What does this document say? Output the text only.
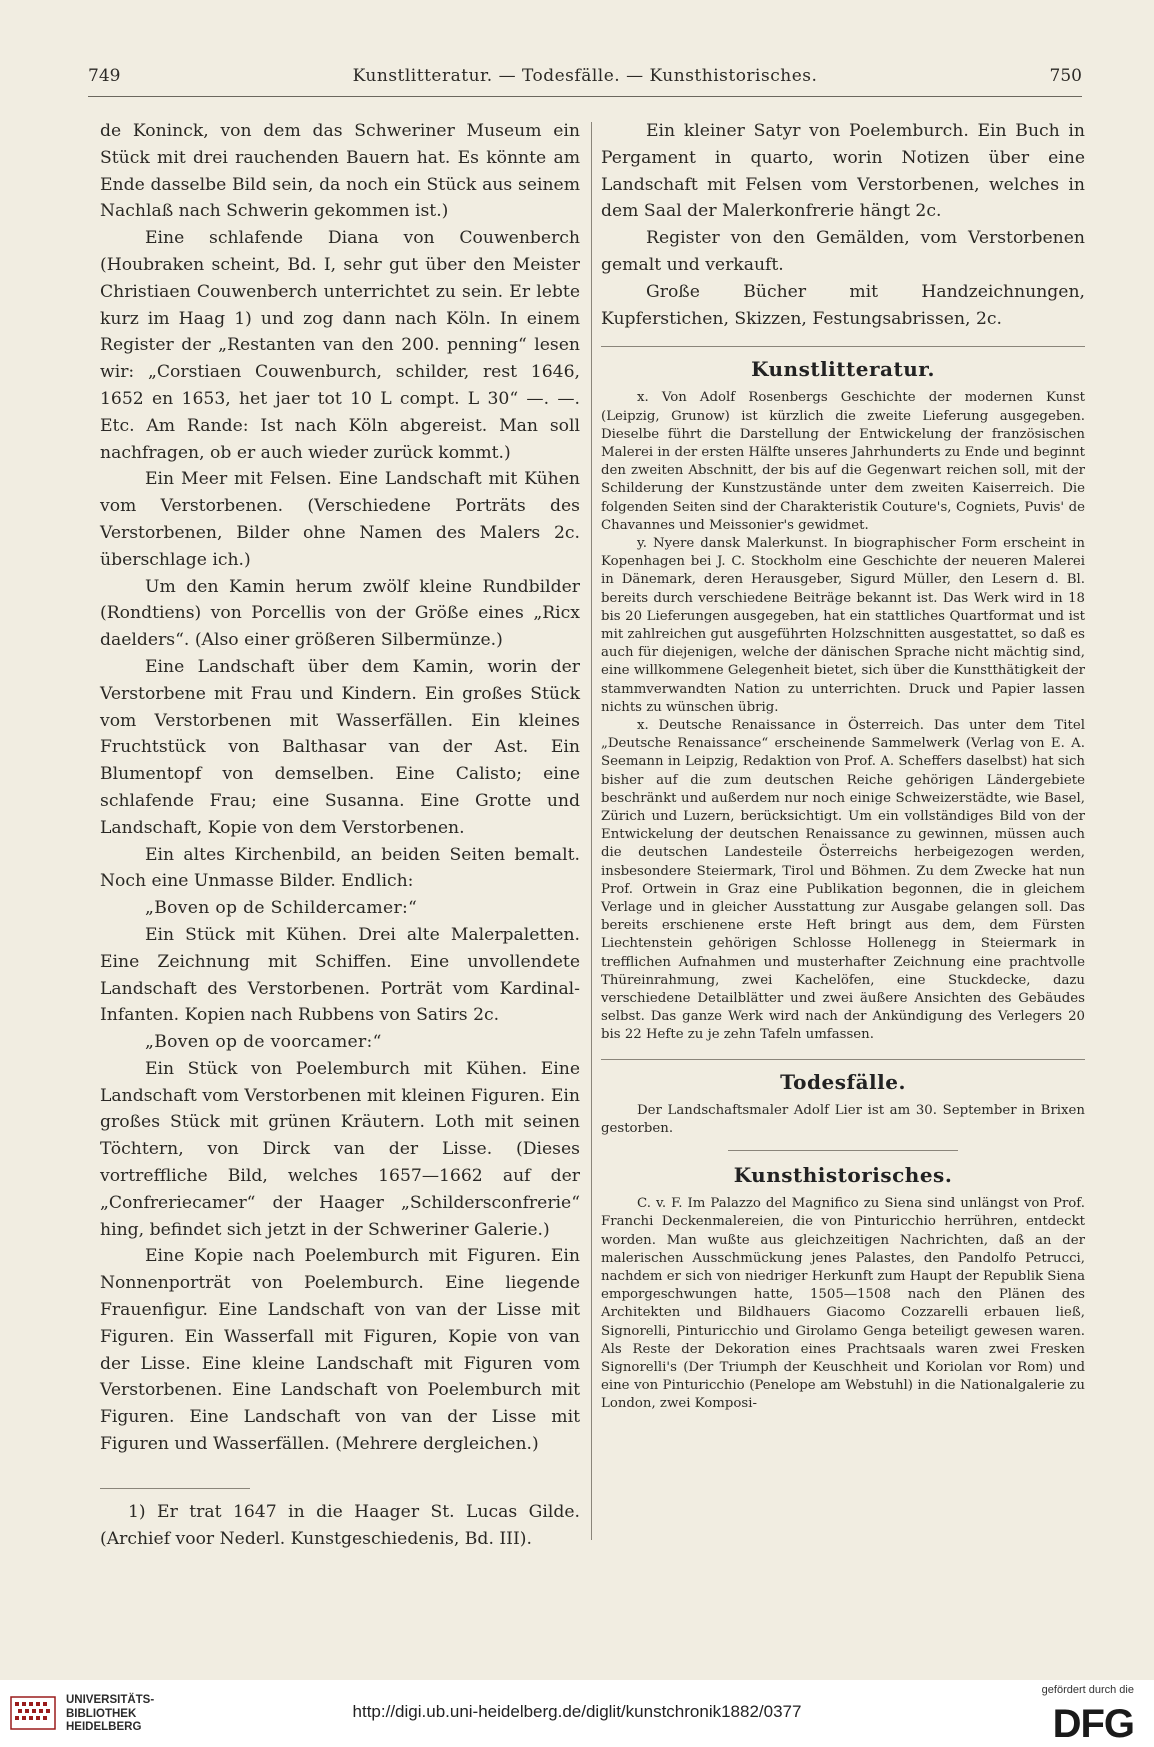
749	Kunstlitteratur. — Todesfälle. — Kunsthistorisches.	750

de Koninck, von dem das Schweriner Museum ein Stück mit drei rauchenden Bauern hat. Es könnte am Ende dasselbe Bild sein, da noch ein Stück aus seinem Nachlaß nach Schwerin gekommen ist.)

Eine schlafende Diana von Couwenberch (Houbraken scheint, Bd. I, sehr gut über den Meister Christiaen Couwenberch unterrichtet zu sein. Er lebte kurz im Haag 1) und zog dann nach Köln. In einem Register der „Restanten van den 200. penning“ lesen wir: „Corstiaen Couwenburch, schilder, rest 1646, 1652 en 1653, het jaer tot 10 L compt. L 30“ —. —. Etc. Am Rande: Ist nach Köln abgereist. Man soll nachfragen, ob er auch wieder zurück kommt.)

Ein Meer mit Felsen. Eine Landschaft mit Kühen vom Verstorbenen. (Verschiedene Porträts des Verstorbenen, Bilder ohne Namen des Malers 2c. überschlage ich.)

Um den Kamin herum zwölf kleine Rundbilder (Rondtiens) von Porcellis von der Größe eines „Ricx daelders“. (Also einer größeren Silbermünze.)

Eine Landschaft über dem Kamin, worin der Verstorbene mit Frau und Kindern. Ein großes Stück vom Verstorbenen mit Wasserfällen. Ein kleines Fruchtstück von Balthasar van der Ast. Ein Blumentopf von demselben. Eine Calisto; eine schlafende Frau; eine Susanna. Eine Grotte und Landschaft, Kopie von dem Verstorbenen.

Ein altes Kirchenbild, an beiden Seiten bemalt. Noch eine Unmasse Bilder. Endlich:

„Boven op de Schildercamer:“

Ein Stück mit Kühen. Drei alte Malerpaletten. Eine Zeichnung mit Schiffen. Eine unvollendete Landschaft des Verstorbenen. Porträt vom Kardinal-Infanten. Kopien nach Rubbens von Satirs 2c.

„Boven op de voorcamer:“

Ein Stück von Poelemburch mit Kühen. Eine Landschaft vom Verstorbenen mit kleinen Figuren. Ein großes Stück mit grünen Kräutern. Loth mit seinen Töchtern, von Dirck van der Lisse. (Dieses vortreffliche Bild, welches 1657—1662 auf der „Confreriecamer“ der Haager „Schildersconfrerie“ hing, befindet sich jetzt in der Schweriner Galerie.)

Eine Kopie nach Poelemburch mit Figuren. Ein Nonnenporträt von Poelemburch. Eine liegende Frauenfigur. Eine Landschaft von van der Lisse mit Figuren. Ein Wasserfall mit Figuren, Kopie von van der Lisse. Eine kleine Landschaft mit Figuren vom Verstorbenen. Eine Landschaft von Poelemburch mit Figuren. Eine Landschaft von van der Lisse mit Figuren und Wasserfällen. (Mehrere dergleichen.)

1) Er trat 1647 in die Haager St. Lucas Gilde. (Archief voor Nederl. Kunstgeschiedenis, Bd. III).

Ein kleiner Satyr von Poelemburch. Ein Buch in Pergament in quarto, worin Notizen über eine Landschaft mit Felsen vom Verstorbenen, welches in dem Saal der Malerkonfrerie hängt 2c.

Register von den Gemälden, vom Verstorbenen gemalt und verkauft.

Große Bücher mit Handzeichnungen, Kupferstichen, Skizzen, Festungsabrissen, 2c.

Kunstlitteratur.

x. Von Adolf Rosenbergs Geschichte der modernen Kunst (Leipzig, Grunow) ist kürzlich die zweite Lieferung ausgegeben. Dieselbe führt die Darstellung der Entwickelung der französischen Malerei in der ersten Hälfte unseres Jahrhunderts zu Ende und beginnt den zweiten Abschnitt, der bis auf die Gegenwart reichen soll, mit der Schilderung der Kunstzustände unter dem zweiten Kaiserreich. Die folgenden Seiten sind der Charakteristik Couture's, Cogniets, Puvis' de Chavannes und Meissonier's gewidmet.

y. Nyere dansk Malerkunst. In biographischer Form erscheint in Kopenhagen bei J. C. Stockholm eine Geschichte der neueren Malerei in Dänemark, deren Herausgeber, Sigurd Müller, den Lesern d. Bl. bereits durch verschiedene Beiträge bekannt ist. Das Werk wird in 18 bis 20 Lieferungen ausgegeben, hat ein stattliches Quartformat und ist mit zahlreichen gut ausgeführten Holzschnitten ausgestattet, so daß es auch für diejenigen, welche der dänischen Sprache nicht mächtig sind, eine willkommene Gelegenheit bietet, sich über die Kunstthätigkeit der stammverwandten Nation zu unterrichten. Druck und Papier lassen nichts zu wünschen übrig.

x. Deutsche Renaissance in Österreich. Das unter dem Titel „Deutsche Renaissance“ erscheinende Sammelwerk (Verlag von E. A. Seemann in Leipzig, Redaktion von Prof. A. Scheffers daselbst) hat sich bisher auf die zum deutschen Reiche gehörigen Ländergebiete beschränkt und außerdem nur noch einige Schweizerstädte, wie Basel, Zürich und Luzern, berücksichtigt. Um ein vollständiges Bild von der Entwickelung der deutschen Renaissance zu gewinnen, müssen auch die deutschen Landesteile Österreichs herbeigezogen werden, insbesondere Steiermark, Tirol und Böhmen. Zu dem Zwecke hat nun Prof. Ortwein in Graz eine Publikation begonnen, die in gleichem Verlage und in gleicher Ausstattung zur Ausgabe gelangen soll. Das bereits erschienene erste Heft bringt aus dem, dem Fürsten Liechtenstein gehörigen Schlosse Hollenegg in Steiermark in trefflichen Aufnahmen und musterhafter Zeichnung eine prachtvolle Thüreinrahmung, zwei Kachelöfen, eine Stuckdecke, dazu verschiedene Detailblätter und zwei äußere Ansichten des Gebäudes selbst. Das ganze Werk wird nach der Ankündigung des Verlegers 20 bis 22 Hefte zu je zehn Tafeln umfassen.

Todesfälle.

Der Landschaftsmaler Adolf Lier ist am 30. September in Brixen gestorben.

Kunsthistorisches.

C. v. F. Im Palazzo del Magnifico zu Siena sind unlängst von Prof. Franchi Deckenmalereien, die von Pinturicchio herrühren, entdeckt worden. Man wußte aus gleichzeitigen Nachrichten, daß an der malerischen Ausschmückung jenes Palastes, den Pandolfo Petrucci, nachdem er sich von niedriger Herkunft zum Haupt der Republik Siena emporgeschwungen hatte, 1505—1508 nach den Plänen des Architekten und Bildhauers Giacomo Cozzarelli erbauen ließ, Signorelli, Pinturicchio und Girolamo Genga beteiligt gewesen waren. Als Reste der Dekoration eines Prachtsaals waren zwei Fresken Signorelli's (Der Triumph der Keuschheit und Koriolan vor Rom) und eine von Pinturicchio (Penelope am Webstuhl) in die Nationalgalerie zu London, zwei Komposi-

UNIVERSITÄTS-
BIBLIOTHEK
HEIDELBERG
http://digi.ub.uni-heidelberg.de/diglit/kunstchronik1882/0377
gefördert durch die
DFG
